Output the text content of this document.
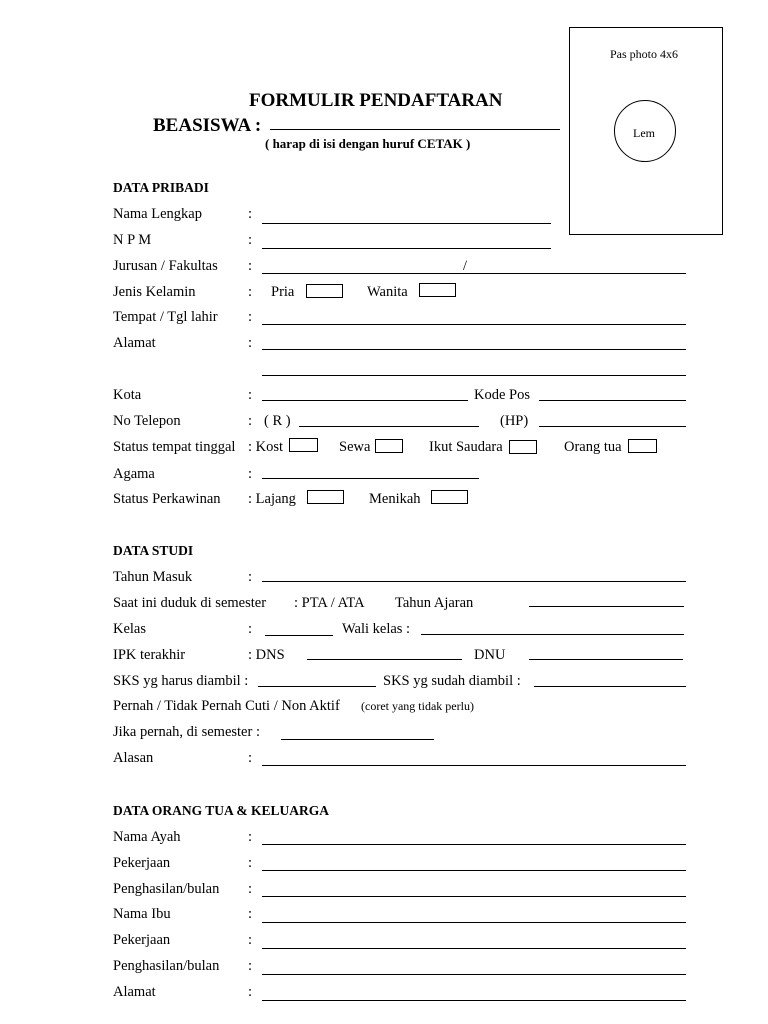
Pas photo 4x6
Lem
FORMULIR PENDAFTARAN
BEASISWA :
( harap di isi dengan huruf CETAK )
DATA PRIBADI
Nama Lengkap	:
N P M	:
Jurusan / Fakultas :	/
Jenis Kelamin	: Pria	Wanita
Tempat / Tgl lahir :
Alamat	:
Kota	:	Kode Pos
No Telepon	: ( R )	(HP)
Status tempat tinggal : Kost	Sewa	Ikut Saudara	Orang tua
Agama	:
Status Perkawinan : Lajang	Menikah
DATA STUDI
Tahun Masuk	:
Saat ini duduk di semester : PTA / ATA Tahun Ajaran
Kelas	:	Wali kelas :
IPK terakhir	: DNS	DNU
SKS yg harus diambil :	SKS yg sudah diambil :
Pernah / Tidak Pernah Cuti / Non Aktif (coret yang tidak perlu)
Jika pernah, di semester :
Alasan	:
DATA ORANG TUA & KELUARGA
Nama Ayah	:
Pekerjaan	:
Penghasilan/bulan :
Nama Ibu	:
Pekerjaan	:
Penghasilan/bulan :
Alamat	:
